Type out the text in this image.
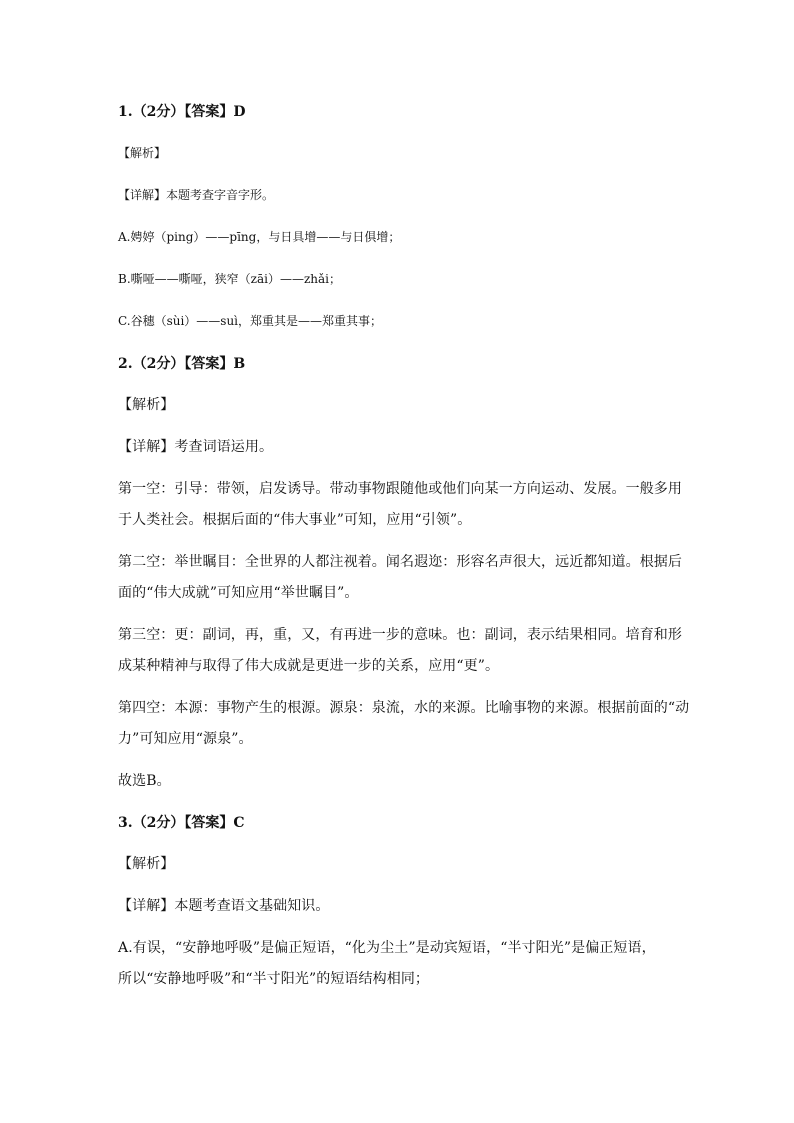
1.（2分）【答案】D
【解析】
【详解】本题考查字音字形。
A.娉婷（ping）——pīng，与日具增——与日俱增；
B.嘶哑——嘶哑，狭窄（zāi）——zhǎi；
C.谷穗（sùi）——suì，郑重其是——郑重其事；
2.（2分）【答案】B
【解析】
【详解】考查词语运用。
第一空：引导：带领，启发诱导。带动事物跟随他或他们向某一方向运动、发展。一般多用
于人类社会。根据后面的“伟大事业”可知，应用“引领”。
第二空：举世瞩目：全世界的人都注视着。闻名遐迩：形容名声很大，远近都知道。根据后
面的“伟大成就”可知应用“举世瞩目”。
第三空：更：副词，再，重，又，有再进一步的意味。也：副词，表示结果相同。培育和形
成某种精神与取得了伟大成就是更进一步的关系，应用“更”。
第四空：本源：事物产生的根源。源泉：泉流，水的来源。比喻事物的来源。根据前面的“动
力”可知应用“源泉”。
故选B。
3.（2分）【答案】C
【解析】
【详解】本题考查语文基础知识。
A.有误，“安静地呼吸”是偏正短语，“化为尘土”是动宾短语，“半寸阳光”是偏正短语，
所以“安静地呼吸”和“半寸阳光”的短语结构相同；
